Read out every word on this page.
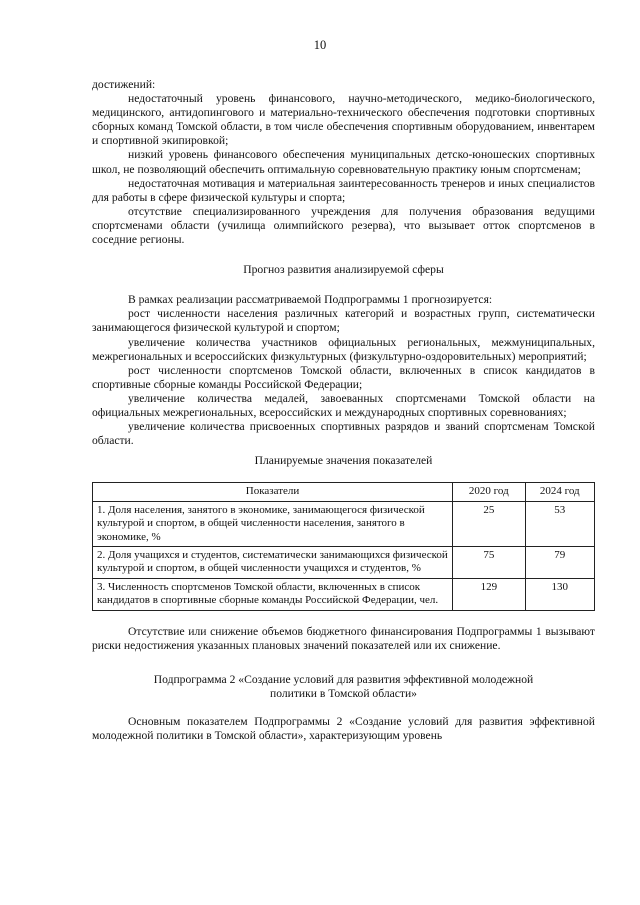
10

достижений:

недостаточный уровень финансового, научно-методического, медико-биологического, медицинского, антидопингового и материально-технического обеспечения подготовки спортивных сборных команд Томской области, в том числе обеспечения спортивным оборудованием, инвентарем и спортивной экипировкой;

низкий уровень финансового обеспечения муниципальных детско-юношеских спортивных школ, не позволяющий обеспечить оптимальную соревновательную практику юным спортсменам;

недостаточная мотивация и материальная заинтересованность тренеров и иных специалистов для работы в сфере физической культуры и спорта;

отсутствие специализированного учреждения для получения образования ведущими спортсменами области (училища олимпийского резерва), что вызывает отток спортсменов в соседние регионы.

Прогноз развития анализируемой сферы

В рамках реализации рассматриваемой Подпрограммы 1 прогнозируется:

рост численности населения различных категорий и возрастных групп, систематически занимающегося физической культурой и спортом;

увеличение количества участников официальных региональных, межмуниципальных, межрегиональных и всероссийских физкультурных (физкультурно-оздоровительных) мероприятий;

рост численности спортсменов Томской области, включенных в список кандидатов в спортивные сборные команды Российской Федерации;

увеличение количества медалей, завоеванных спортсменами Томской области на официальных межрегиональных, всероссийских и международных спортивных соревнованиях;

увеличение количества присвоенных спортивных разрядов и званий спортсменам Томской области.

Планируемые значения показателей

Показатели	2020 год	2024 год
1. Доля населения, занятого в экономике, занимающегося физической культурой и спортом, в общей численности населения, занятого в экономике, %	25	53
2. Доля учащихся и студентов, систематически занимающихся физической культурой и спортом, в общей численности учащихся и студентов, %	75	79
3. Численность спортсменов Томской области, включенных в список кандидатов в спортивные сборные команды Российской Федерации, чел.	129	130

Отсутствие или снижение объемов бюджетного финансирования Подпрограммы 1 вызывают риски недостижения указанных плановых значений показателей или их снижение.

Подпрограмма 2 «Создание условий для развития эффективной молодежной политики в Томской области»

Основным показателем Подпрограммы 2 «Создание условий для развития эффективной молодежной политики в Томской области», характеризующим уровень
